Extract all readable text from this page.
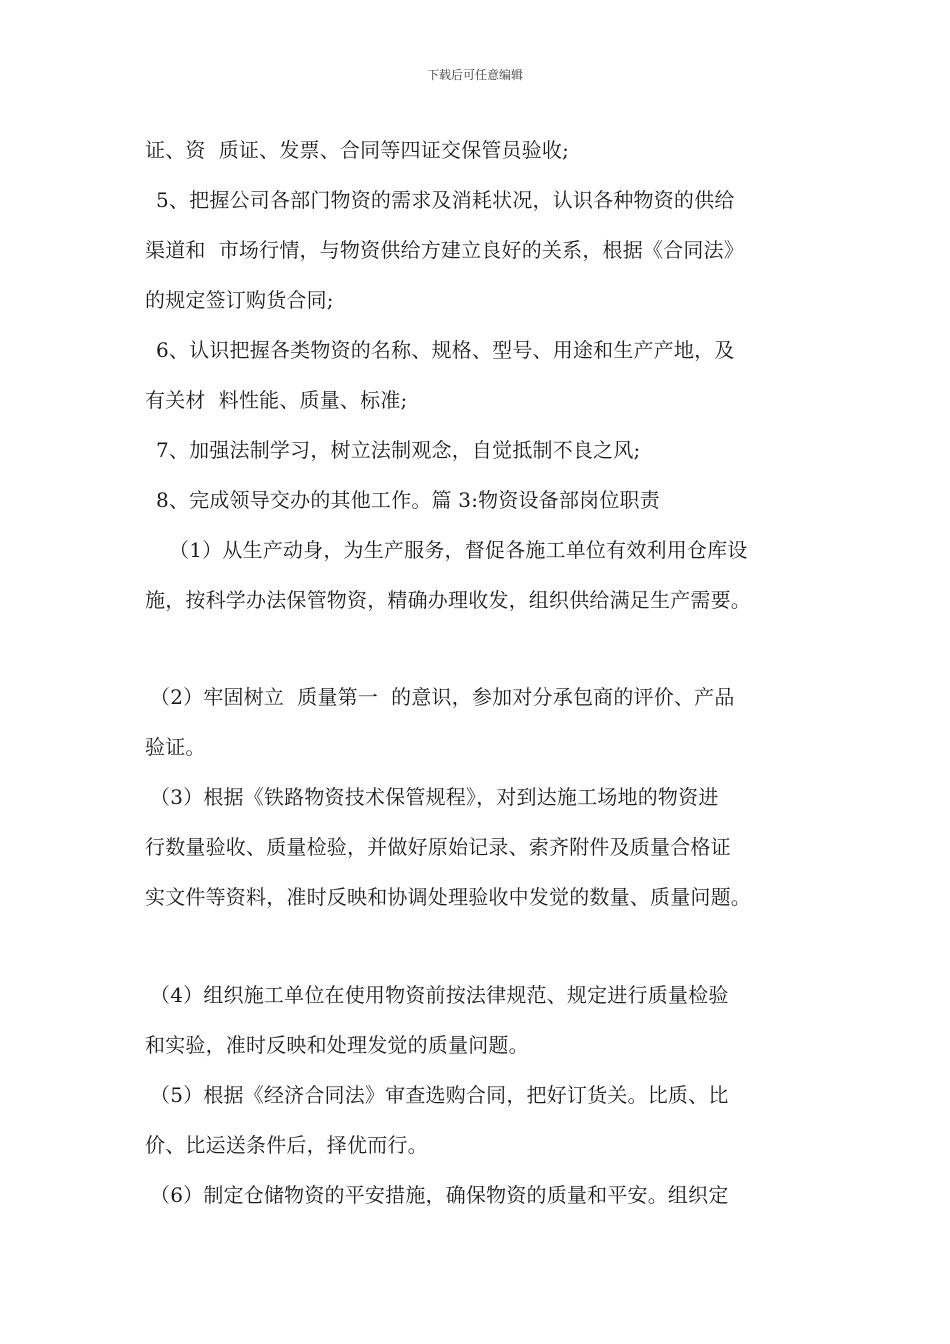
下载后可任意编辑
证、资  质证、发票、合同等四证交保管员验收;
5、把握公司各部门物资的需求及消耗状况，认识各种物资的供给
渠道和  市场行情，与物资供给方建立良好的关系，根据《合同法》
的规定签订购货合同;
6、认识把握各类物资的名称、规格、型号、用途和生产产地，及
有关材  料性能、质量、标准;
7、加强法制学习，树立法制观念，自觉抵制不良之风;
8、完成领导交办的其他工作。篇 3:物资设备部岗位职责
（1）从生产动身，为生产服务，督促各施工单位有效利用仓库设
施，按科学办法保管物资，精确办理收发，组织供给满足生产需要。
（2）牢固树立  质量第一  的意识，参加对分承包商的评价、产品
验证。
（3）根据《铁路物资技术保管规程》，对到达施工场地的物资进
行数量验收、质量检验，并做好原始记录、索齐附件及质量合格证
实文件等资料，准时反映和协调处理验收中发觉的数量、质量问题。
（4）组织施工单位在使用物资前按法律规范、规定进行质量检验
和实验，准时反映和处理发觉的质量问题。
（5）根据《经济合同法》审查选购合同，把好订货关。比质、比
价、比运送条件后，择优而行。
（6）制定仓储物资的平安措施，确保物资的质量和平安。组织定
